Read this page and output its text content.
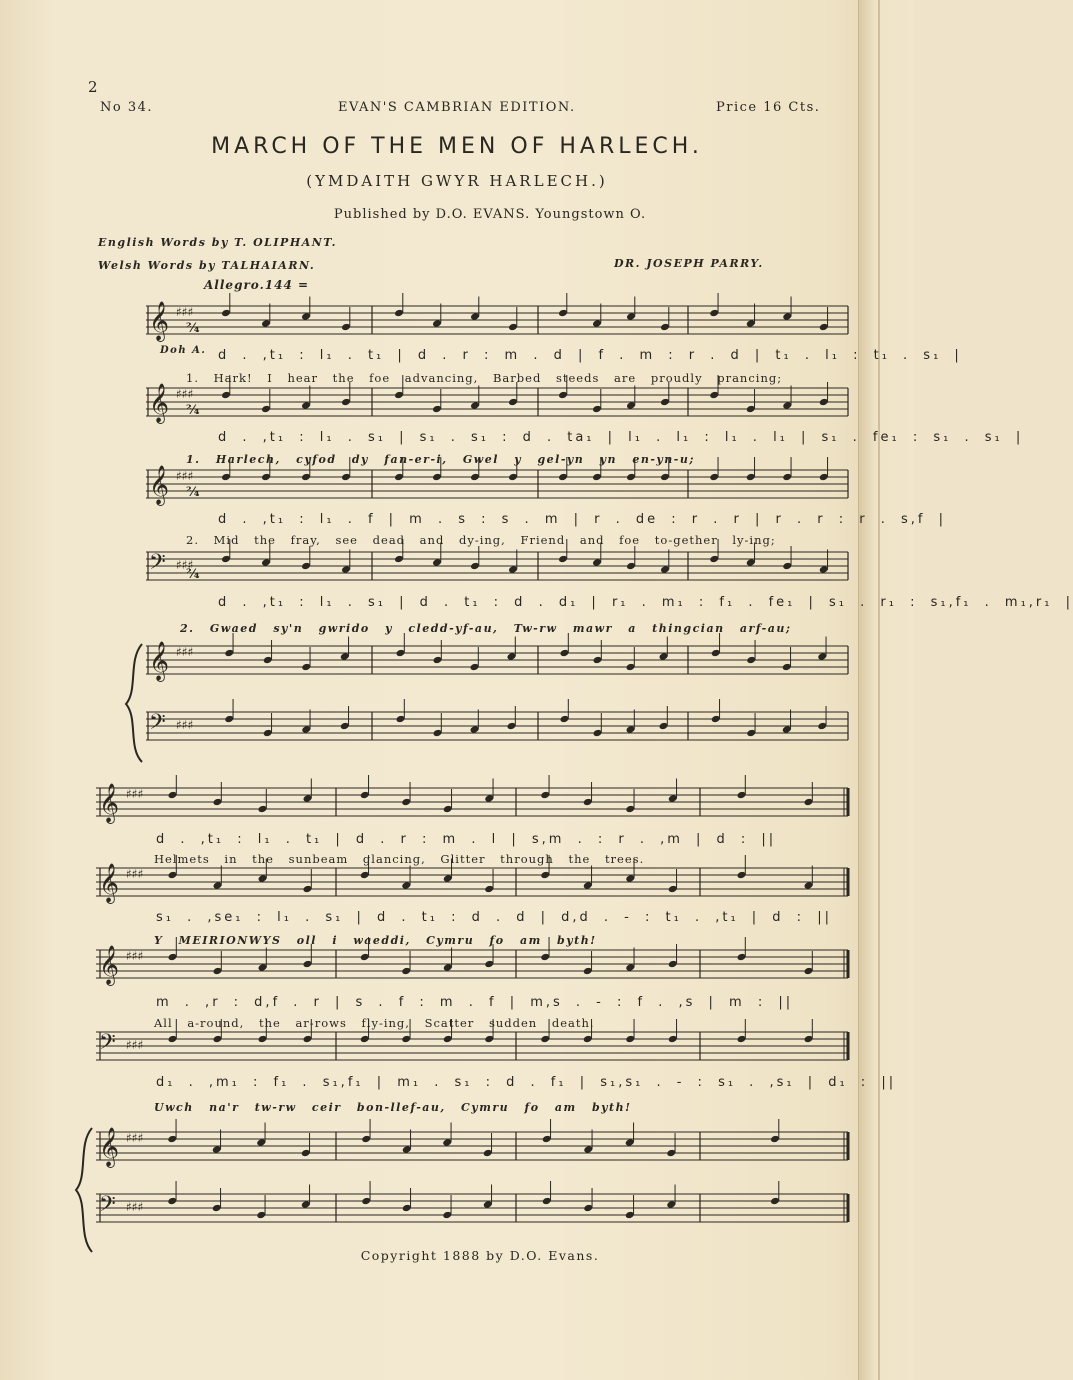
2
No 34.	EVAN'S CAMBRIAN EDITION.	Price 16 Cts.
MARCH OF THE MEN OF HARLECH.
(YMDAITH GWYR HARLECH.)
Published by D.O. EVANS. Youngstown O.
English Words by T. OLIPHANT.
Welsh Words by TALHAIARN.	DR. JOSEPH PARRY.
Allegro.144 =
𝄞 ♯♯♯
²⁄₄
𝄞 ♯♯♯
²⁄₄
𝄞 ♯♯♯
²⁄₄
𝄢 ♯♯♯
²⁄₄
𝄞 ♯♯♯
𝄢 ♯♯♯
𝄞 ♯♯♯
𝄞 ♯♯♯
𝄞 ♯♯♯
𝄢 ♯♯♯
𝄞 ♯♯♯
𝄢 ♯♯♯
Doh A. d . ,t₁ : l₁ . t₁ | d . r : m . d | f . m : r . d | t₁ . l₁ : t₁ . s₁ |
1. Hark! I hear the foe advancing, Barbed steeds are proudly prancing;
d . ,t₁ : l₁ . s₁ | s₁ . s₁ : d . ta₁ | l₁ . l₁ : l₁ . l₁ | s₁ . fe₁ : s₁ . s₁ |
1. Harlech, cyfod dy fan-er-i, Gwel y gel-yn yn en-yn-u;
d . ,t₁ : l₁ . f | m . s : s . m | r . de : r . r | r . r : r . s,f |
2. Mid the fray, see dead and dy-ing, Friend and foe to-gether ly-ing;
d . ,t₁ : l₁ . s₁ | d . t₁ : d . d₁ | r₁ . m₁ : f₁ . fe₁ | s₁ . r₁ : s₁,f₁ . m₁,r₁ |
2. Gwaed sy'n gwrido y cledd-yf-au, Tw-rw mawr a thingcian arf-au;
d . ,t₁ : l₁ . t₁ | d . r : m . l | s,m . : r . ,m | d : ||
Helmets in the sunbeam glancing, Glitter through the trees.
s₁ . ,se₁ : l₁ . s₁ | d . t₁ : d . d | d,d . - : t₁ . ,t₁ | d : ||
Y MEIRIONWYS oll i waeddi, Cymru fo am byth!
m . ,r : d,f . r | s . f : m . f | m,s . - : f . ,s | m : ||
All a-round, the ar-rows fly-ing, Scatter sudden death.
d₁ . ,m₁ : f₁ . s₁,f₁ | m₁ . s₁ : d . f₁ | s₁,s₁ . - : s₁ . ,s₁ | d₁ : ||
Uwch na'r tw-rw ceir bon-llef-au, Cymru fo am byth!
Copyright 1888 by D.O. Evans.
